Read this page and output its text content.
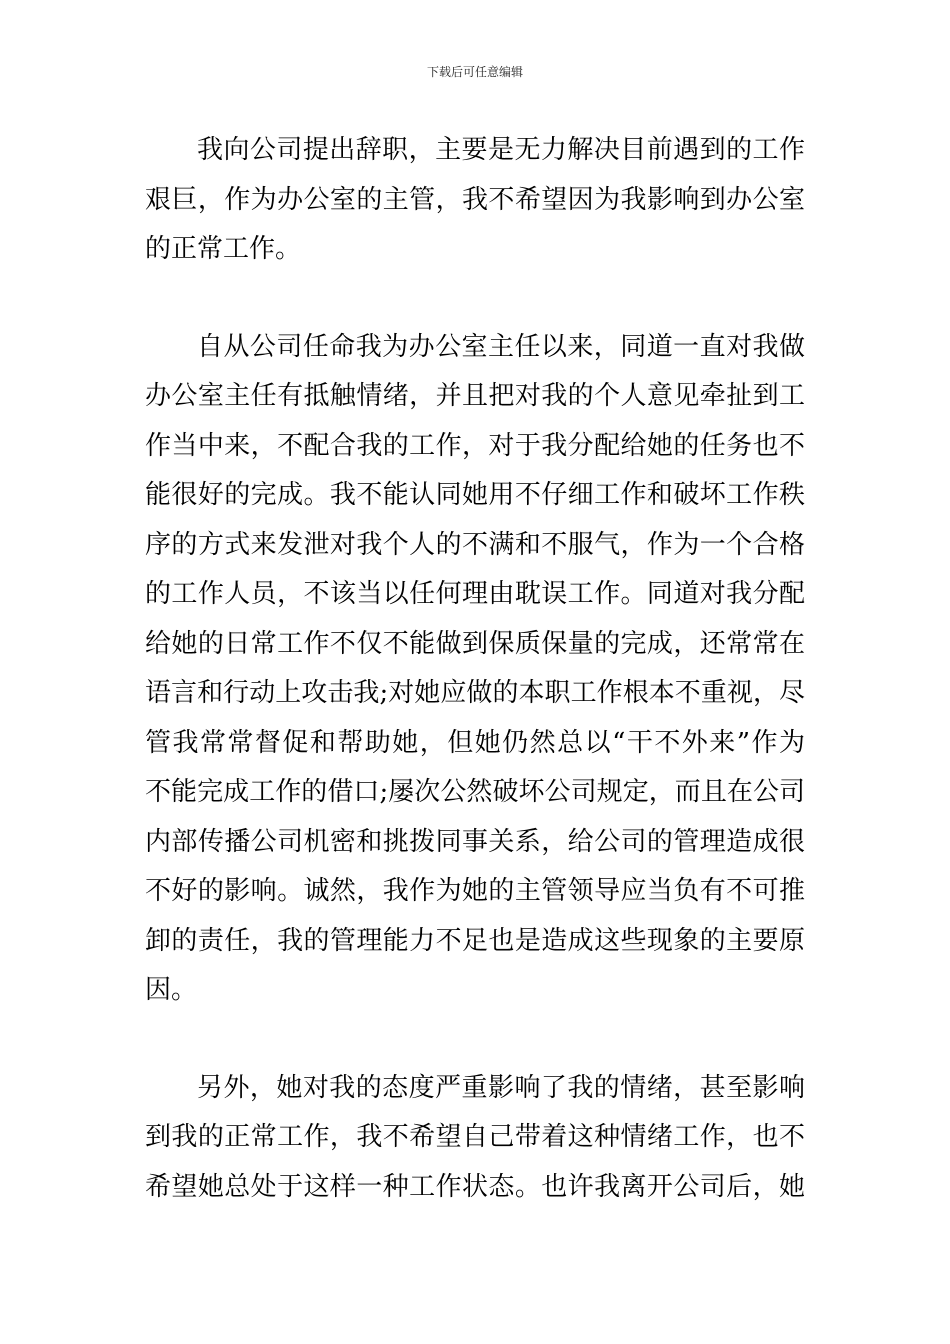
下载后可任意编辑
我向公司提出辞职，主要是无力解决目前遇到的工作
艰巨，作为办公室的主管，我不希望因为我影响到办公室
的正常工作。
自从公司任命我为办公室主任以来，同道一直对我做
办公室主任有抵触情绪，并且把对我的个人意见牵扯到工
作当中来，不配合我的工作，对于我分配给她的任务也不
能很好的完成。我不能认同她用不仔细工作和破坏工作秩
序的方式来发泄对我个人的不满和不服气，作为一个合格
的工作人员，不该当以任何理由耽误工作。同道对我分配
给她的日常工作不仅不能做到保质保量的完成，还常常在
语言和行动上攻击我;对她应做的本职工作根本不重视，尽
管我常常督促和帮助她，但她仍然总以“干不外来”作为
不能完成工作的借口;屡次公然破坏公司规定，而且在公司
内部传播公司机密和挑拨同事关系，给公司的管理造成很
不好的影响。诚然，我作为她的主管领导应当负有不可推
卸的责任，我的管理能力不足也是造成这些现象的主要原
因。
另外，她对我的态度严重影响了我的情绪，甚至影响
到我的正常工作，我不希望自己带着这种情绪工作，也不
希望她总处于这样一种工作状态。也许我离开公司后，她
